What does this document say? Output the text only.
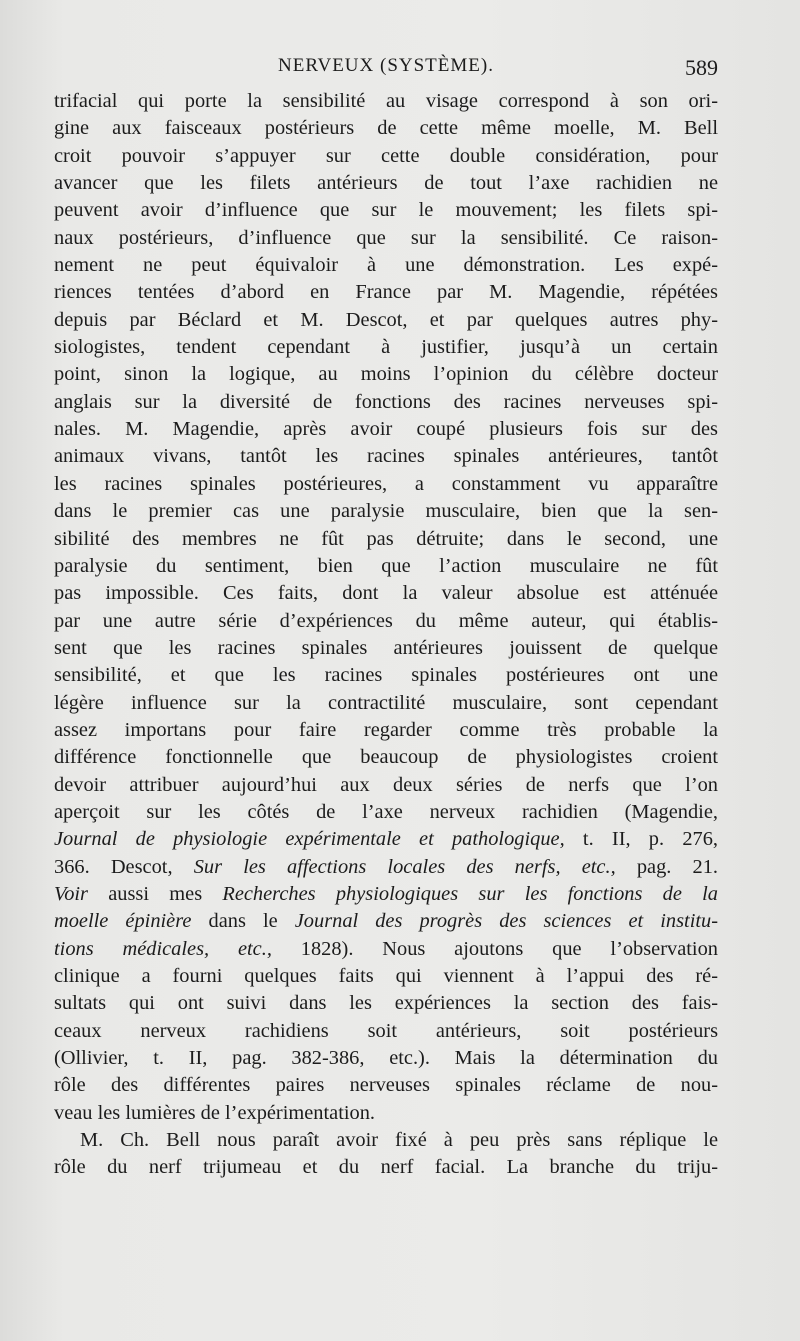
NERVEUX (SYSTÈME).	589
trifacial qui porte la sensibilité au visage correspond à son ori-
gine aux faisceaux postérieurs de cette même moelle, M. Bell
croit pouvoir s’appuyer sur cette double considération, pour
avancer que les filets antérieurs de tout l’axe rachidien ne
peuvent avoir d’influence que sur le mouvement; les filets spi-
naux postérieurs, d’influence que sur la sensibilité. Ce raison-
nement ne peut équivaloir à une démonstration. Les expé-
riences tentées d’abord en France par M. Magendie, répétées
depuis par Béclard et M. Descot, et par quelques autres phy-
siologistes, tendent cependant à justifier, jusqu’à un certain
point, sinon la logique, au moins l’opinion du célèbre docteur
anglais sur la diversité de fonctions des racines nerveuses spi-
nales. M. Magendie, après avoir coupé plusieurs fois sur des
animaux vivans, tantôt les racines spinales antérieures, tantôt
les racines spinales postérieures, a constamment vu apparaître
dans le premier cas une paralysie musculaire, bien que la sen-
sibilité des membres ne fût pas détruite; dans le second, une
paralysie du sentiment, bien que l’action musculaire ne fût
pas impossible. Ces faits, dont la valeur absolue est atténuée
par une autre série d’expériences du même auteur, qui établis-
sent que les racines spinales antérieures jouissent de quelque
sensibilité, et que les racines spinales postérieures ont une
légère influence sur la contractilité musculaire, sont cependant
assez importans pour faire regarder comme très probable la
différence fonctionnelle que beaucoup de physiologistes croient
devoir attribuer aujourd’hui aux deux séries de nerfs que l’on
aperçoit sur les côtés de l’axe nerveux rachidien (Magendie,
Journal de physiologie expérimentale et pathologique, t. II, p. 276,
366. Descot, Sur les affections locales des nerfs, etc., pag. 21.
Voir aussi mes Recherches physiologiques sur les fonctions de la
moelle épinière dans le Journal des progrès des sciences et institu-
tions médicales, etc., 1828). Nous ajoutons que l’observation
clinique a fourni quelques faits qui viennent à l’appui des ré-
sultats qui ont suivi dans les expériences la section des fais-
ceaux nerveux rachidiens soit antérieurs, soit postérieurs
(Ollivier, t. II, pag. 382-386, etc.). Mais la détermination du
rôle des différentes paires nerveuses spinales réclame de nou-
veau les lumières de l’expérimentation.
M. Ch. Bell nous paraît avoir fixé à peu près sans réplique le
rôle du nerf trijumeau et du nerf facial. La branche du triju-
